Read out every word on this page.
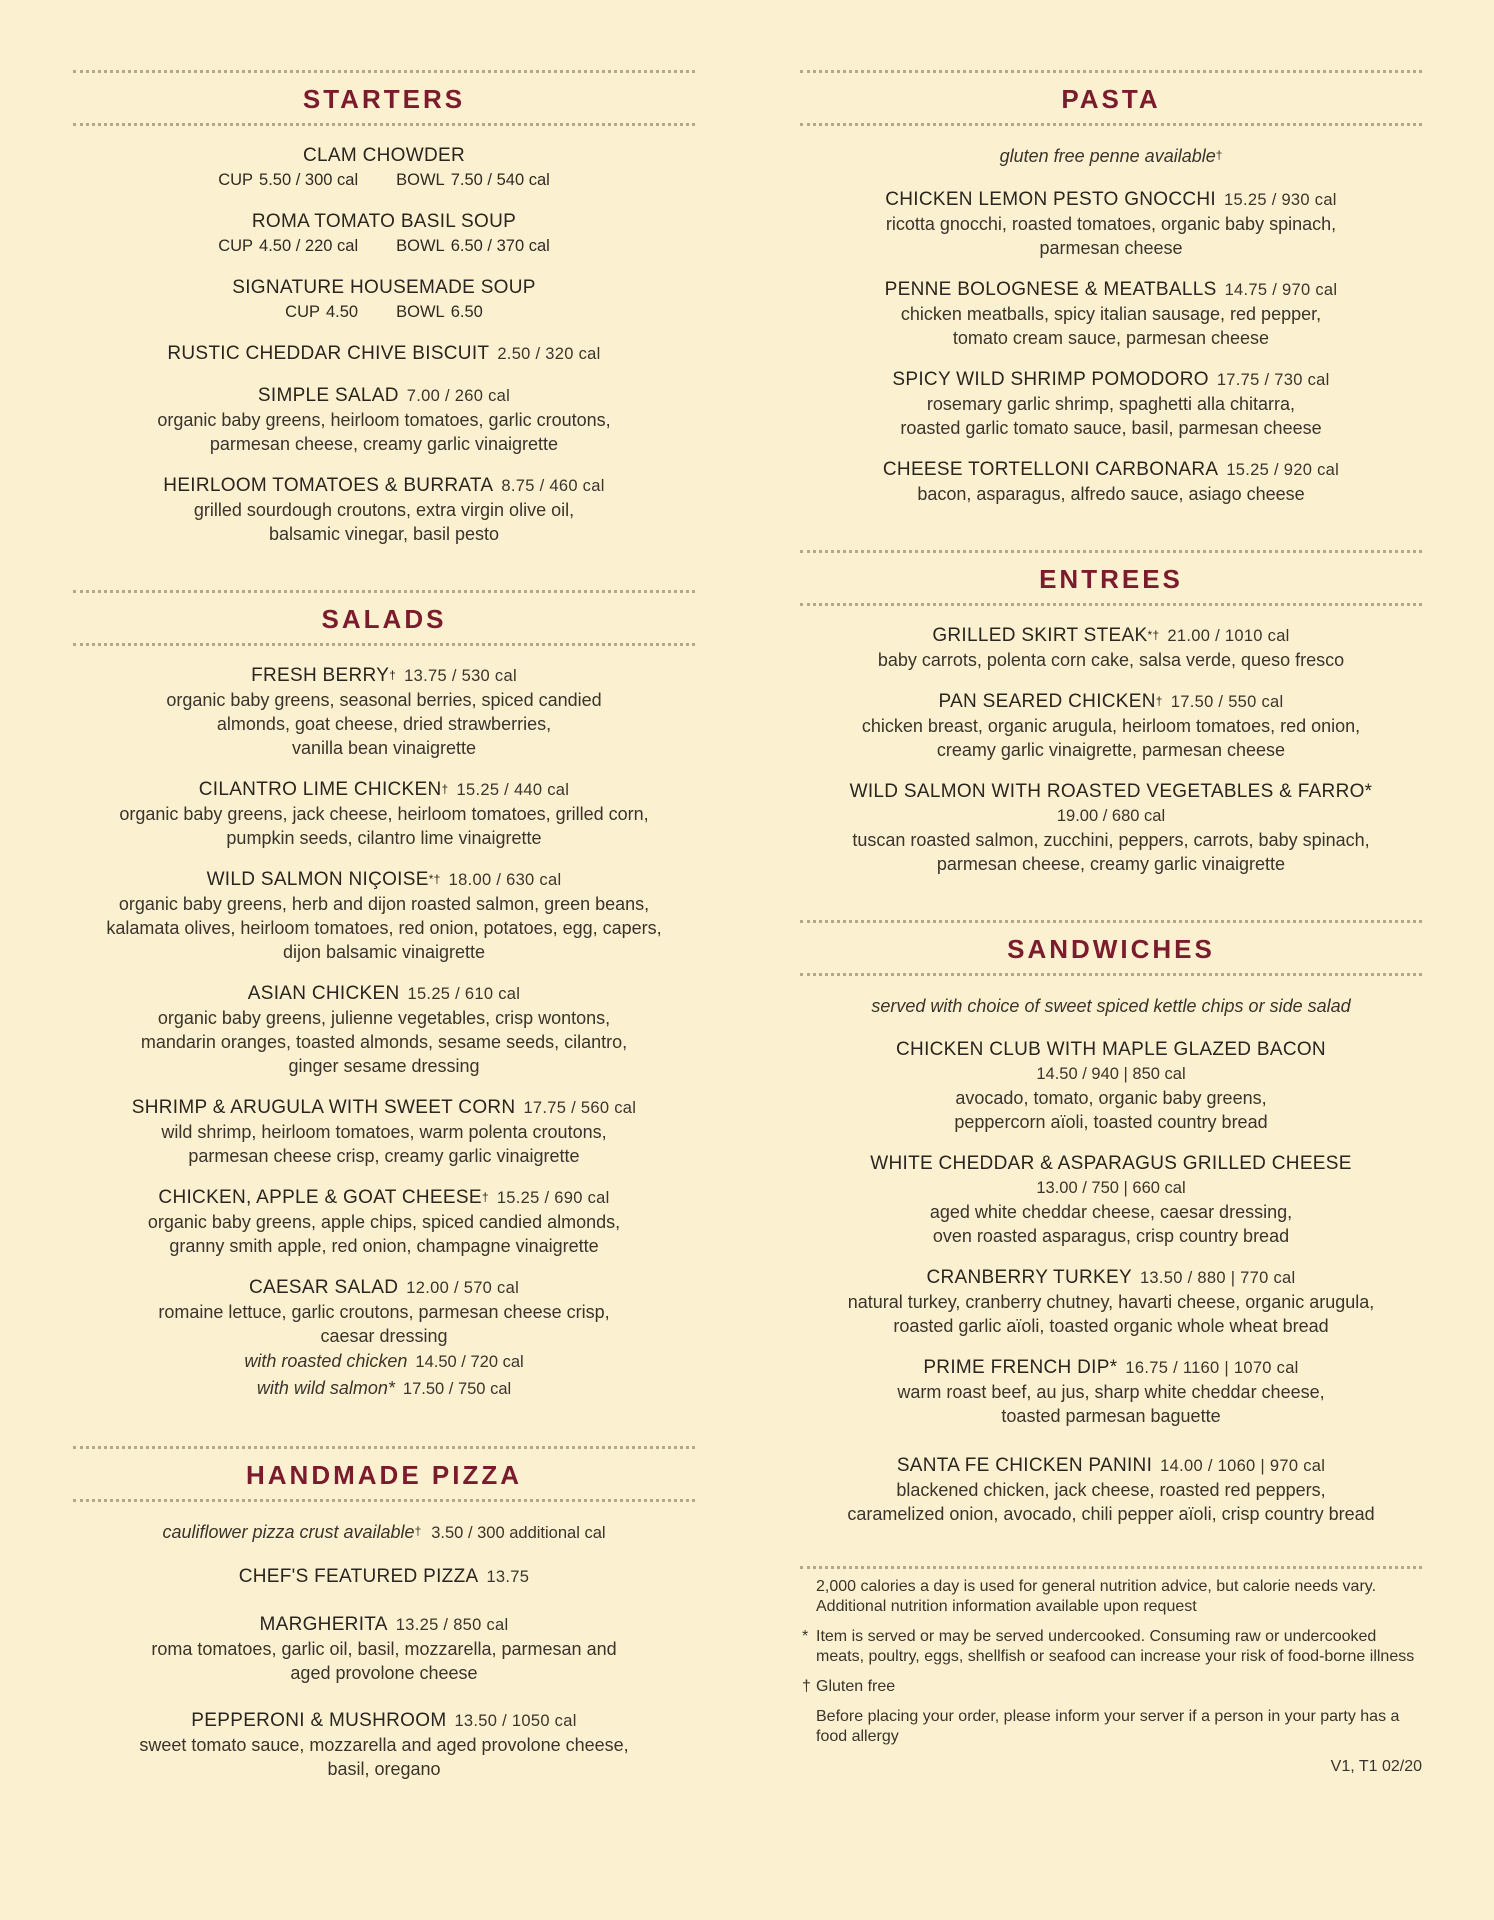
STARTERS
CLAM CHOWDER
CUP 5.50 / 300 cal BOWL 7.50 / 540 cal
ROMA TOMATO BASIL SOUP
CUP 4.50 / 220 cal BOWL 6.50 / 370 cal
SIGNATURE HOUSEMADE SOUP
CUP 4.50 BOWL 6.50
RUSTIC CHEDDAR CHIVE BISCUIT 2.50 / 320 cal
SIMPLE SALAD 7.00 / 260 cal
organic baby greens, heirloom tomatoes, garlic croutons,
parmesan cheese, creamy garlic vinaigrette
HEIRLOOM TOMATOES & BURRATA 8.75 / 460 cal
grilled sourdough croutons, extra virgin olive oil,
balsamic vinegar, basil pesto
SALADS
FRESH BERRY† 13.75 / 530 cal
organic baby greens, seasonal berries, spiced candied
almonds, goat cheese, dried strawberries,
vanilla bean vinaigrette
CILANTRO LIME CHICKEN† 15.25 / 440 cal
organic baby greens, jack cheese, heirloom tomatoes, grilled corn,
pumpkin seeds, cilantro lime vinaigrette
WILD SALMON NIÇOISE*† 18.00 / 630 cal
organic baby greens, herb and dijon roasted salmon, green beans,
kalamata olives, heirloom tomatoes, red onion, potatoes, egg, capers,
dijon balsamic vinaigrette
ASIAN CHICKEN 15.25 / 610 cal
organic baby greens, julienne vegetables, crisp wontons,
mandarin oranges, toasted almonds, sesame seeds, cilantro,
ginger sesame dressing
SHRIMP & ARUGULA WITH SWEET CORN 17.75 / 560 cal
wild shrimp, heirloom tomatoes, warm polenta croutons,
parmesan cheese crisp, creamy garlic vinaigrette
CHICKEN, APPLE & GOAT CHEESE† 15.25 / 690 cal
organic baby greens, apple chips, spiced candied almonds,
granny smith apple, red onion, champagne vinaigrette
CAESAR SALAD 12.00 / 570 cal
romaine lettuce, garlic croutons, parmesan cheese crisp,
caesar dressing
with roasted chicken 14.50 / 720 cal
with wild salmon* 17.50 / 750 cal
HANDMADE PIZZA
cauliflower pizza crust available† 3.50 / 300 additional cal
CHEF'S FEATURED PIZZA 13.75
MARGHERITA 13.25 / 850 cal
roma tomatoes, garlic oil, basil, mozzarella, parmesan and
aged provolone cheese
PEPPERONI & MUSHROOM 13.50 / 1050 cal
sweet tomato sauce, mozzarella and aged provolone cheese,
basil, oregano
PASTA
gluten free penne available†
CHICKEN LEMON PESTO GNOCCHI 15.25 / 930 cal
ricotta gnocchi, roasted tomatoes, organic baby spinach,
parmesan cheese
PENNE BOLOGNESE & MEATBALLS 14.75 / 970 cal
chicken meatballs, spicy italian sausage, red pepper,
tomato cream sauce, parmesan cheese
SPICY WILD SHRIMP POMODORO 17.75 / 730 cal
rosemary garlic shrimp, spaghetti alla chitarra,
roasted garlic tomato sauce, basil, parmesan cheese
CHEESE TORTELLONI CARBONARA 15.25 / 920 cal
bacon, asparagus, alfredo sauce, asiago cheese
ENTREES
GRILLED SKIRT STEAK*† 21.00 / 1010 cal
baby carrots, polenta corn cake, salsa verde, queso fresco
PAN SEARED CHICKEN† 17.50 / 550 cal
chicken breast, organic arugula, heirloom tomatoes, red onion,
creamy garlic vinaigrette, parmesan cheese
WILD SALMON WITH ROASTED VEGETABLES & FARRO*
19.00 / 680 cal
tuscan roasted salmon, zucchini, peppers, carrots, baby spinach,
parmesan cheese, creamy garlic vinaigrette
SANDWICHES
served with choice of sweet spiced kettle chips or side salad
CHICKEN CLUB WITH MAPLE GLAZED BACON
14.50 / 940 | 850 cal
avocado, tomato, organic baby greens,
peppercorn aïoli, toasted country bread
WHITE CHEDDAR & ASPARAGUS GRILLED CHEESE
13.00 / 750 | 660 cal
aged white cheddar cheese, caesar dressing,
oven roasted asparagus, crisp country bread
CRANBERRY TURKEY 13.50 / 880 | 770 cal
natural turkey, cranberry chutney, havarti cheese, organic arugula,
roasted garlic aïoli, toasted organic whole wheat bread
PRIME FRENCH DIP* 16.75 / 1160 | 1070 cal
warm roast beef, au jus, sharp white cheddar cheese,
toasted parmesan baguette
SANTA FE CHICKEN PANINI 14.00 / 1060 | 970 cal
blackened chicken, jack cheese, roasted red peppers,
caramelized onion, avocado, chili pepper aïoli, crisp country bread
2,000 calories a day is used for general nutrition advice, but calorie needs vary. Additional nutrition information available upon request
* Item is served or may be served undercooked. Consuming raw or undercooked meats, poultry, eggs, shellfish or seafood can increase your risk of food-borne illness
† Gluten free
Before placing your order, please inform your server if a person in your party has a food allergy
V1, T1 02/20
